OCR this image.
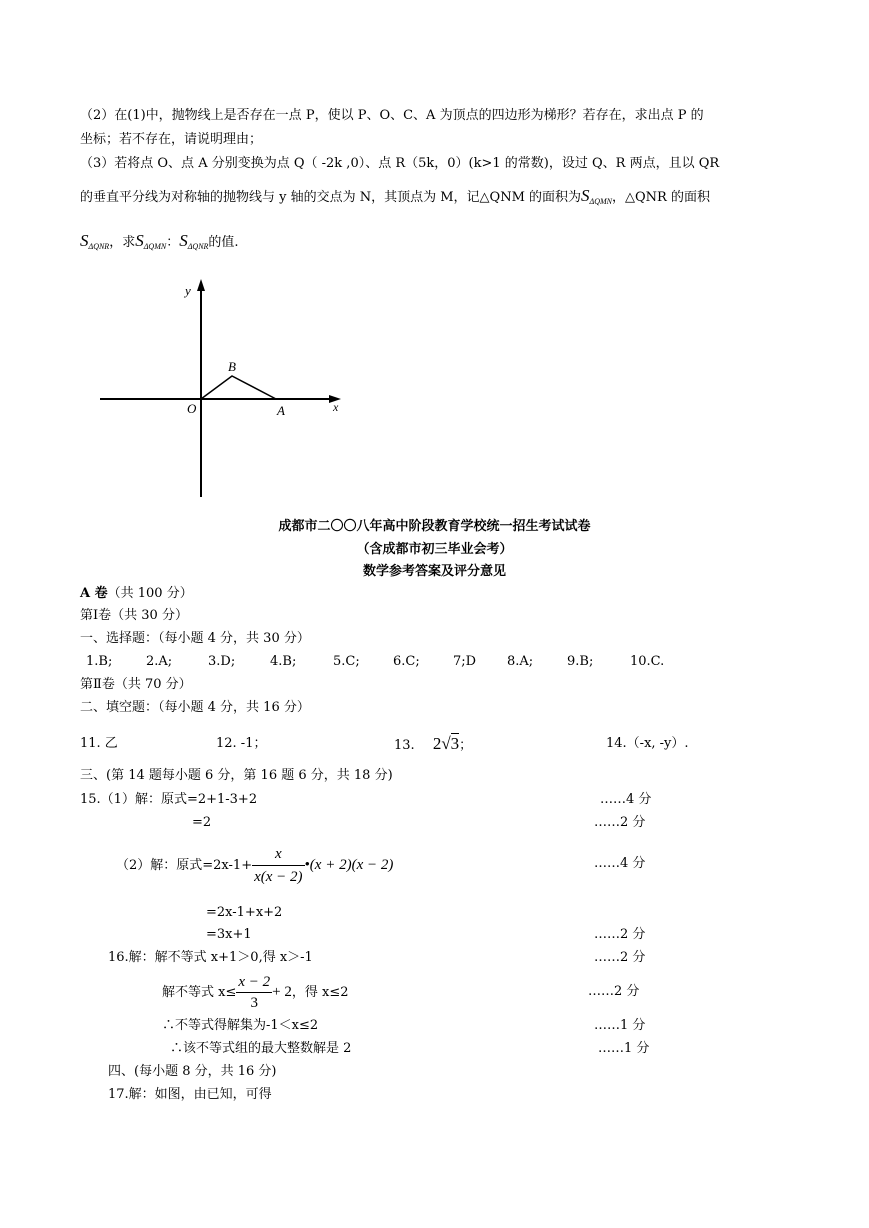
（2）在(1)中，抛物线上是否存在一点 P，使以 P、O、C、A 为顶点的四边形为梯形？若存在，求出点 P 的
坐标；若不存在，请说明理由；
（3）若将点 O、点 A 分别变换为点 Q（ -2k ,0）、点 R（5k，0）(k>1 的常数)，设过 Q、R 两点，且以 QR
的垂直平分线为对称轴的抛物线与 y 轴的交点为 N，其顶点为 M，记△QNM 的面积为$S_{\Delta QMN}$，△QNR 的面积
$S_{\Delta QNR}$，求$S_{\Delta QMN}$：$S_{\Delta QNR}$的值.
y
x
O	A
B
成都市二〇〇八年高中阶段教育学校统一招生考试试卷
（含成都市初三毕业会考）
数学参考答案及评分意见
A 卷（共 100 分）
第Ⅰ卷（共 30 分）
一、选择题：（每小题 4 分，共 30 分）
1.B;	2.A;	3.D;	4.B;	5.C;	6.C;	7;D 8.A;	9.B;	10.C.
第Ⅱ卷（共 70 分）
二、填空题：（每小题 4 分，共 16 分）
11. 乙	12. -1；	13. 2√3；	14.（-x, -y）.
三、(第 14 题每小题 6 分，第 16 题 6 分，共 18 分)
15.（1）解：原式=2+1-3+2	……4 分
=2	……2 分
（2）解：原式$=2x-1+ \frac{x}{x(x - 2)}$ •(x + 2)(x − 2)	……4 分
=2x-1+x+2
=3x+1	……2 分
16.解：解不等式 x+1＞0,得 x＞-1	……2 分
解不等式 $x\le \frac{x - 2}{3} + 2$，得 x≤2	……2 分
∴不等式得解集为-1＜x≤2	……1 分
∴该不等式组的最大整数解是 2	……1 分
四、(每小题 8 分，共 16 分)
17.解：如图，由已知，可得
